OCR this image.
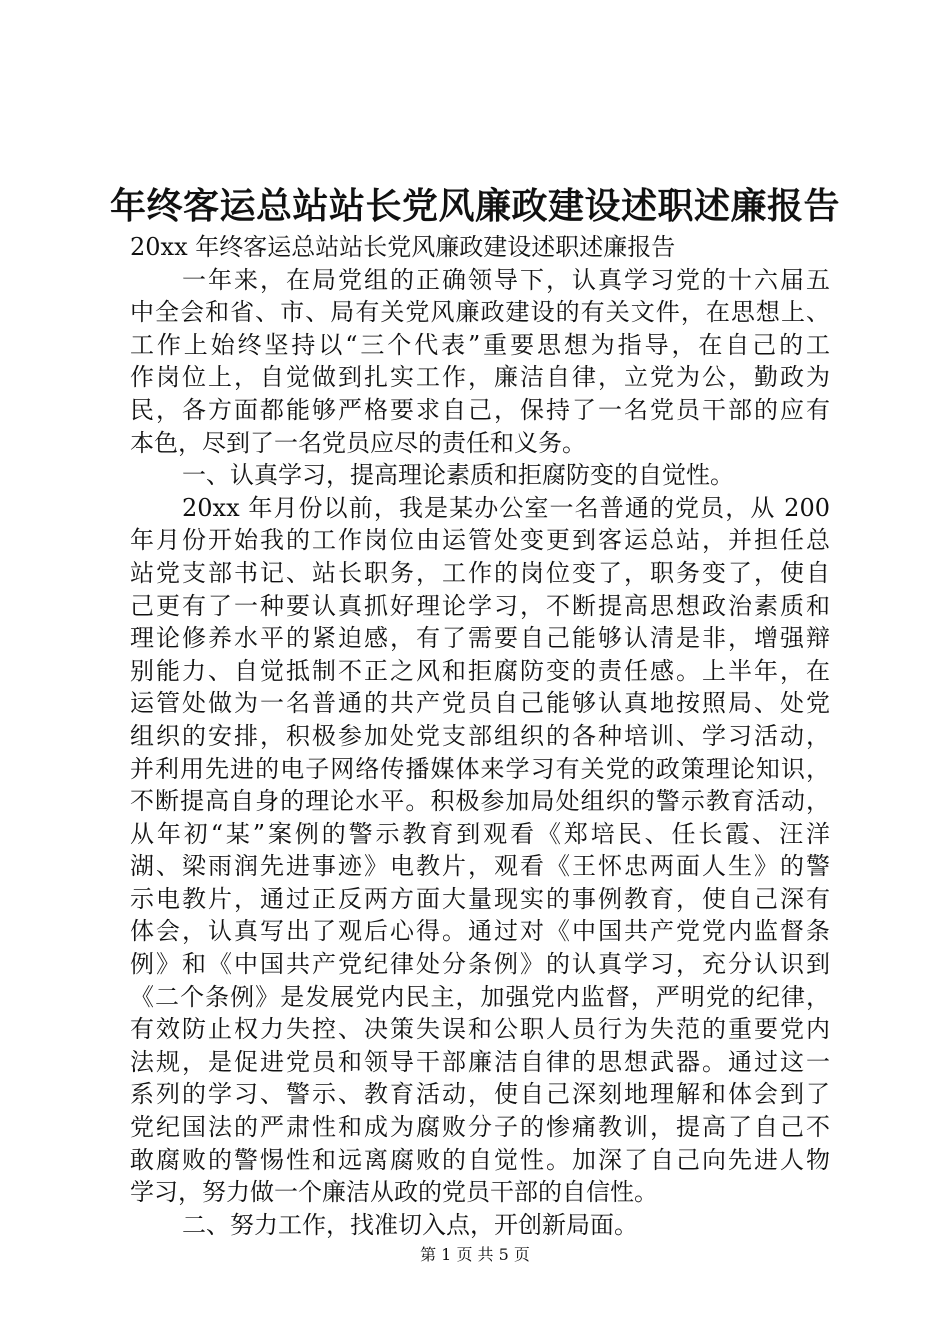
年终客运总站站长党风廉政建设述职述廉报告

20xx 年终客运总站站长党风廉政建设述职述廉报告

一年来，在局党组的正确领导下，认真学习党的十六届五
中全会和省、市、局有关党风廉政建设的有关文件，在思想上、
工作上始终坚持以“三个代表”重要思想为指导，在自己的工
作岗位上，自觉做到扎实工作，廉洁自律，立党为公，勤政为
民，各方面都能够严格要求自己，保持了一名党员干部的应有
本色，尽到了一名党员应尽的责任和义务。

一、认真学习，提高理论素质和拒腐防变的自觉性。

20xx 年月份以前，我是某办公室一名普通的党员，从 200
年月份开始我的工作岗位由运管处变更到客运总站，并担任总
站党支部书记、站长职务，工作的岗位变了，职务变了，使自
己更有了一种要认真抓好理论学习，不断提高思想政治素质和
理论修养水平的紧迫感，有了需要自己能够认清是非，增强辩
别能力、自觉抵制不正之风和拒腐防变的责任感。上半年，在
运管处做为一名普通的共产党员自己能够认真地按照局、处党
组织的安排，积极参加处党支部组织的各种培训、学习活动，
并利用先进的电子网络传播媒体来学习有关党的政策理论知识，
不断提高自身的理论水平。积极参加局处组织的警示教育活动，
从年初“某”案例的警示教育到观看《郑培民、任长霞、汪洋
湖、梁雨润先进事迹》电教片，观看《王怀忠两面人生》的警
示电教片，通过正反两方面大量现实的事例教育，使自己深有
体会，认真写出了观后心得。通过对《中国共产党党内监督条
例》和《中国共产党纪律处分条例》的认真学习，充分认识到
《二个条例》是发展党内民主，加强党内监督，严明党的纪律，
有效防止权力失控、决策失误和公职人员行为失范的重要党内
法规，是促进党员和领导干部廉洁自律的思想武器。通过这一
系列的学习、警示、教育活动，使自己深刻地理解和体会到了
党纪国法的严肃性和成为腐败分子的惨痛教训，提高了自己不
敢腐败的警惕性和远离腐败的自觉性。加深了自己向先进人物
学习，努力做一个廉洁从政的党员干部的自信性。

二、努力工作，找准切入点，开创新局面。

第 1 页 共 5 页
